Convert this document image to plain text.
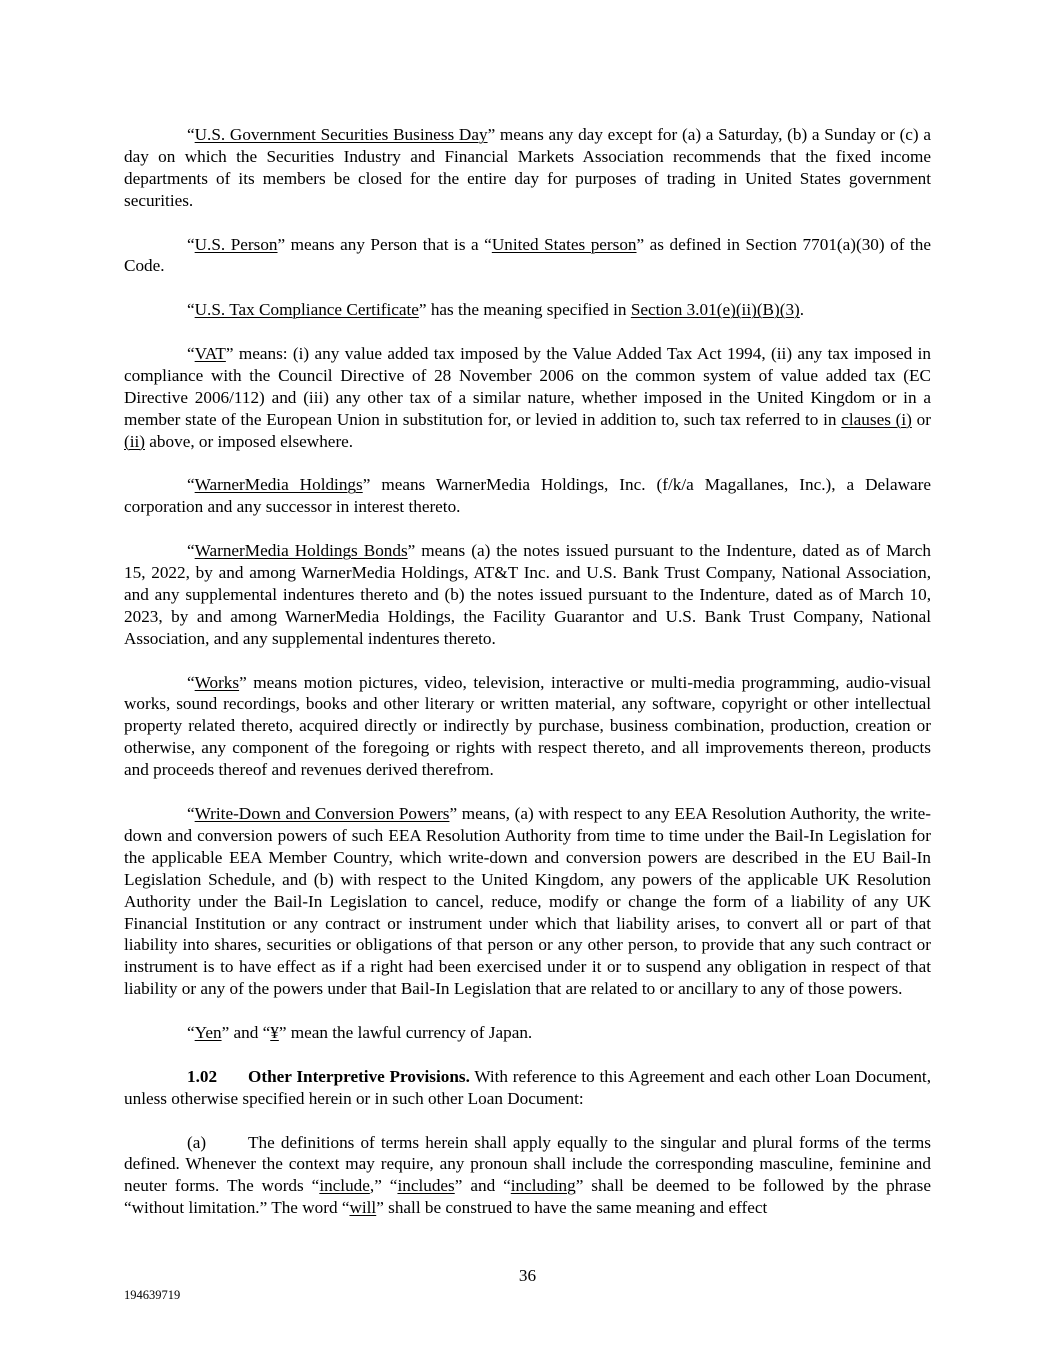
“U.S. Government Securities Business Day” means any day except for (a) a Saturday, (b) a Sunday or (c) a day on which the Securities Industry and Financial Markets Association recommends that the fixed income departments of its members be closed for the entire day for purposes of trading in United States government securities.

“U.S. Person” means any Person that is a “United States person” as defined in Section 7701(a)(30) of the Code.

“U.S. Tax Compliance Certificate” has the meaning specified in Section 3.01(e)(ii)(B)(3).

“VAT” means: (i) any value added tax imposed by the Value Added Tax Act 1994, (ii) any tax imposed in compliance with the Council Directive of 28 November 2006 on the common system of value added tax (EC Directive 2006/112) and (iii) any other tax of a similar nature, whether imposed in the United Kingdom or in a member state of the European Union in substitution for, or levied in addition to, such tax referred to in clauses (i) or (ii) above, or imposed elsewhere.

“WarnerMedia Holdings” means WarnerMedia Holdings, Inc. (f/k/a Magallanes, Inc.), a Delaware corporation and any successor in interest thereto.

“WarnerMedia Holdings Bonds” means (a) the notes issued pursuant to the Indenture, dated as of March 15, 2022, by and among WarnerMedia Holdings, AT&T Inc. and U.S. Bank Trust Company, National Association, and any supplemental indentures thereto and (b) the notes issued pursuant to the Indenture, dated as of March 10, 2023, by and among WarnerMedia Holdings, the Facility Guarantor and U.S. Bank Trust Company, National Association, and any supplemental indentures thereto.

“Works” means motion pictures, video, television, interactive or multi-media programming, audio-visual works, sound recordings, books and other literary or written material, any software, copyright or other intellectual property related thereto, acquired directly or indirectly by purchase, business combination, production, creation or otherwise, any component of the foregoing or rights with respect thereto, and all improvements thereon, products and proceeds thereof and revenues derived therefrom.

“Write-Down and Conversion Powers” means, (a) with respect to any EEA Resolution Authority, the write-down and conversion powers of such EEA Resolution Authority from time to time under the Bail-In Legislation for the applicable EEA Member Country, which write-down and conversion powers are described in the EU Bail-In Legislation Schedule, and (b) with respect to the United Kingdom, any powers of the applicable UK Resolution Authority under the Bail-In Legislation to cancel, reduce, modify or change the form of a liability of any UK Financial Institution or any contract or instrument under which that liability arises, to convert all or part of that liability into shares, securities or obligations of that person or any other person, to provide that any such contract or instrument is to have effect as if a right had been exercised under it or to suspend any obligation in respect of that liability or any of the powers under that Bail-In Legislation that are related to or ancillary to any of those powers.

“Yen” and “¥” mean the lawful currency of Japan.

1.02 Other Interpretive Provisions. With reference to this Agreement and each other Loan Document, unless otherwise specified herein or in such other Loan Document:

(a) The definitions of terms herein shall apply equally to the singular and plural forms of the terms defined. Whenever the context may require, any pronoun shall include the corresponding masculine, feminine and neuter forms. The words “include,” “includes” and “including” shall be deemed to be followed by the phrase “without limitation.” The word “will” shall be construed to have the same meaning and effect

36
194639719
